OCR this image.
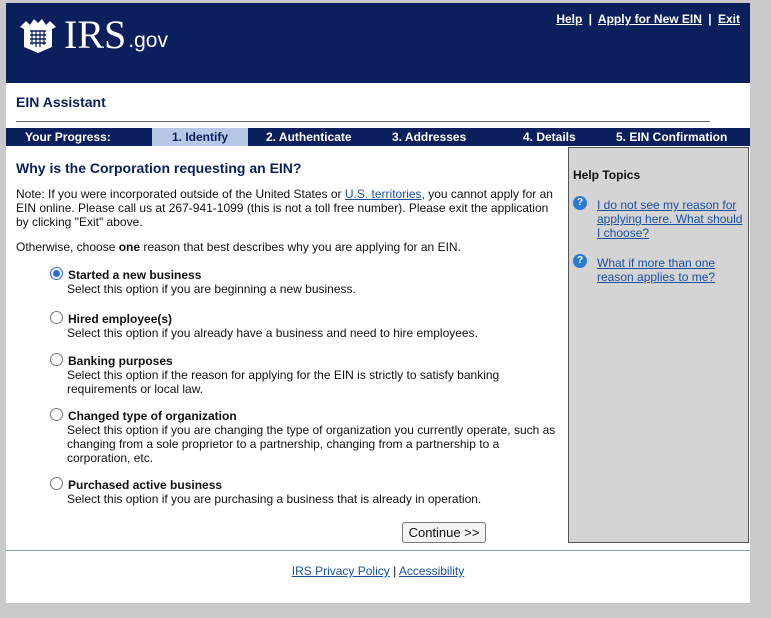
IRS .gov
Help | Apply for New EIN | Exit
EIN Assistant
Your Progress:	1. Identify	2. Authenticate	3. Addresses	4. Details	5. EIN Confirmation
Why is the Corporation requesting an EIN?
Note: If you were incorporated outside of the United States or U.S. territories, you cannot apply for an EIN online. Please call us at 267-941-1099 (this is not a toll free number). Please exit the application by clicking "Exit" above.
Otherwise, choose one reason that best describes why you are applying for an EIN.
Started a new business
Select this option if you are beginning a new business.
Hired employee(s)
Select this option if you already have a business and need to hire employees.
Banking purposes
Select this option if the reason for applying for the EIN is strictly to satisfy banking requirements or local law.
Changed type of organization
Select this option if you are changing the type of organization you currently operate, such as changing from a sole proprietor to a partnership, changing from a partnership to a corporation, etc.
Purchased active business
Select this option if you are purchasing a business that is already in operation.
Continue >>
Help Topics
?	I do not see my reason for applying here. What should I choose?
?	What if more than one reason applies to me?
IRS Privacy Policy | Accessibility
